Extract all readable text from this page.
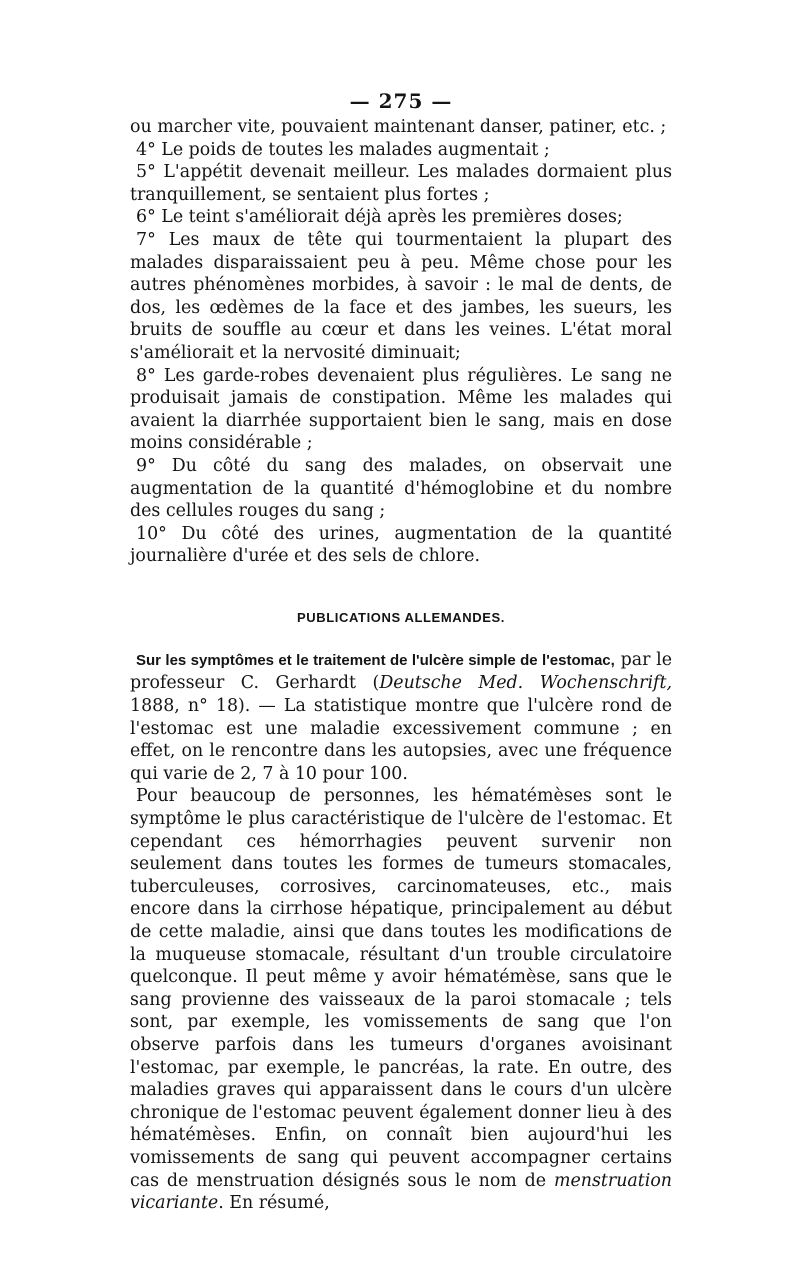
— 275 —

ou marcher vite, pouvaient maintenant danser, patiner, etc. ;

4° Le poids de toutes les malades augmentait ;

5° L'appétit devenait meilleur. Les malades dormaient plus tranquillement, se sentaient plus fortes ;

6° Le teint s'améliorait déjà après les premières doses;

7° Les maux de tête qui tourmentaient la plupart des malades disparaissaient peu à peu. Même chose pour les autres phénomènes morbides, à savoir : le mal de dents, de dos, les œdèmes de la face et des jambes, les sueurs, les bruits de souffle au cœur et dans les veines. L'état moral s'améliorait et la nervosité diminuait;

8° Les garde-robes devenaient plus régulières. Le sang ne produisait jamais de constipation. Même les malades qui avaient la diarrhée supportaient bien le sang, mais en dose moins considérable ;

9° Du côté du sang des malades, on observait une augmentation de la quantité d'hémoglobine et du nombre des cellules rouges du sang ;

10° Du côté des urines, augmentation de la quantité journalière d'urée et des sels de chlore.

PUBLICATIONS ALLEMANDES.

Sur les symptômes et le traitement de l'ulcère simple de l'estomac, par le professeur C. Gerhardt (Deutsche Med. Wochenschrift, 1888, n° 18). — La statistique montre que l'ulcère rond de l'estomac est une maladie excessivement commune ; en effet, on le rencontre dans les autopsies, avec une fréquence qui varie de 2, 7 à 10 pour 100.

Pour beaucoup de personnes, les hématémèses sont le symptôme le plus caractéristique de l'ulcère de l'estomac. Et cependant ces hémorrhagies peuvent survenir non seulement dans toutes les formes de tumeurs stomacales, tuberculeuses, corrosives, carcinomateuses, etc., mais encore dans la cirrhose hépatique, principalement au début de cette maladie, ainsi que dans toutes les modifications de la muqueuse stomacale, résultant d'un trouble circulatoire quelconque. Il peut même y avoir hématémèse, sans que le sang provienne des vaisseaux de la paroi stomacale ; tels sont, par exemple, les vomissements de sang que l'on observe parfois dans les tumeurs d'organes avoisinant l'estomac, par exemple, le pancréas, la rate. En outre, des maladies graves qui apparaissent dans le cours d'un ulcère chronique de l'estomac peuvent également donner lieu à des hématémèses. Enfin, on connaît bien aujourd'hui les vomissements de sang qui peuvent accompagner certains cas de menstruation désignés sous le nom de menstruation vicariante. En résumé,
